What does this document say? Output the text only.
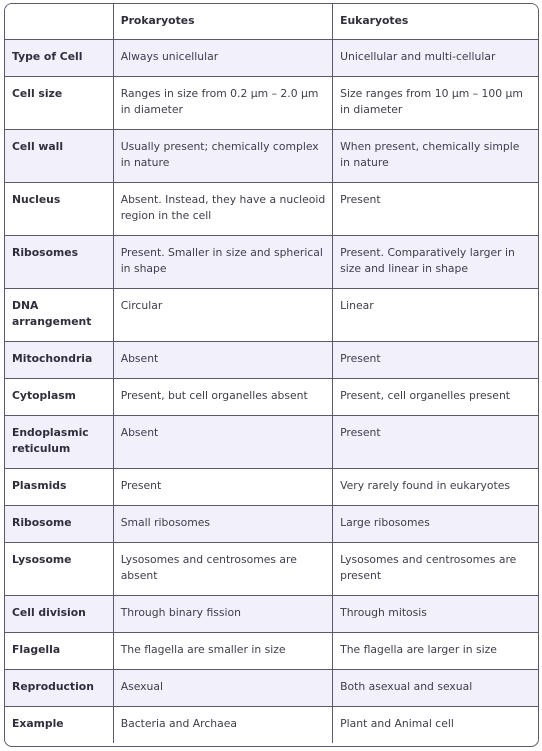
	Prokaryotes	Eukaryotes
Type of Cell	Always unicellular	Unicellular and multi-cellular
Cell size	Ranges in size from 0.2 μm – 2.0 μm in diameter	Size ranges from 10 μm – 100 μm in diameter
Cell wall	Usually present; chemically complex in nature	When present, chemically simple in nature
Nucleus	Absent. Instead, they have a nucleoid region in the cell	Present
Ribosomes	Present. Smaller in size and spherical in shape	Present. Comparatively larger in size and linear in shape
DNA arrangement	Circular	Linear
Mitochondria	Absent	Present
Cytoplasm	Present, but cell organelles absent	Present, cell organelles present
Endoplasmic reticulum	Absent	Present
Plasmids	Present	Very rarely found in eukaryotes
Ribosome	Small ribosomes	Large ribosomes
Lysosome	Lysosomes and centrosomes are absent	Lysosomes and centrosomes are present
Cell division	Through binary fission	Through mitosis
Flagella	The flagella are smaller in size	The flagella are larger in size
Reproduction	Asexual	Both asexual and sexual
Example	Bacteria and Archaea	Plant and Animal cell
